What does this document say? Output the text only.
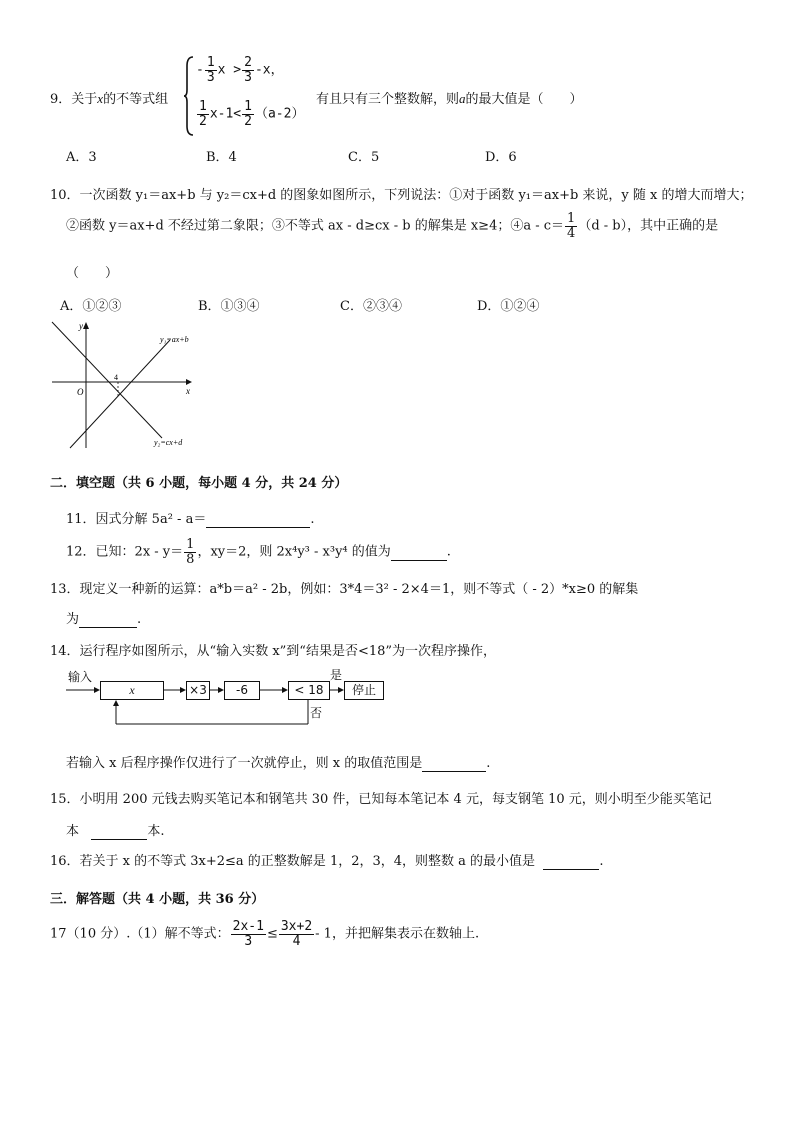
9．关于x的不等式组
- $\frac{1}{3}$ $x > \frac{2}{3} -x$，
$\frac{1}{2} x-1< \frac{1}{2} (a-2)$
有且只有三个整数解，则a的最大值是（　　）
A．3	B．4	C．5	D．6
10．一次函数 y₁＝ax+b 与 y₂＝cx+d 的图象如图所示，下列说法：①对于函数 y₁＝ax+b 来说，y 随 x 的增大而增大；
②函数 y＝ax+d 不经过第二象限；③不等式 ax - d≥cx - b 的解集是 x≥4；④a - $c= \frac{1}{4} (d - b)$，其中正确的是
（　　）
A．①②③	B．①③④	C．②③④	D．①②④
y
x
O
4
y₁=ax+b
y₂=cx+d
二．填空题（共 6 小题，每小题 4 分，共 24 分）
11．因式分解 5a² - a＝	.
12．已知：$2x - y= \frac{1}{8}$ ，xy＝2，则 2x⁴y³ - x³y⁴ 的值为	.
13．现定义一种新的运算：a*b＝a² - 2b，例如：3*4＝3² - 2×4＝1，则不等式（ - 2）*x≥0 的解集
为	.
14．运行程序如图所示，从“输入实数 x”到“结果是否<18”为一次程序操作，
输入
x	×3	-6	< 18	停止
是
否
若输入 x 后程序操作仅进行了一次就停止，则 x 的取值范围是	.
15．小明用 200 元钱去购买笔记本和钢笔共 30 件，已知每本笔记本 4 元，每支钢笔 10 元，则小明至少能买笔记
本	本.
16．若关于 x 的不等式 3x+2≤a 的正整数解是 1，2，3，4，则整数 a 的最小值是	.
三．解答题（共 4 小题，共 36 分）
17（10 分）.（1）解不等式： $\frac{2x-1}{3} \le \frac{3x+2}{4} - 1$，并把解集表示在数轴上.
